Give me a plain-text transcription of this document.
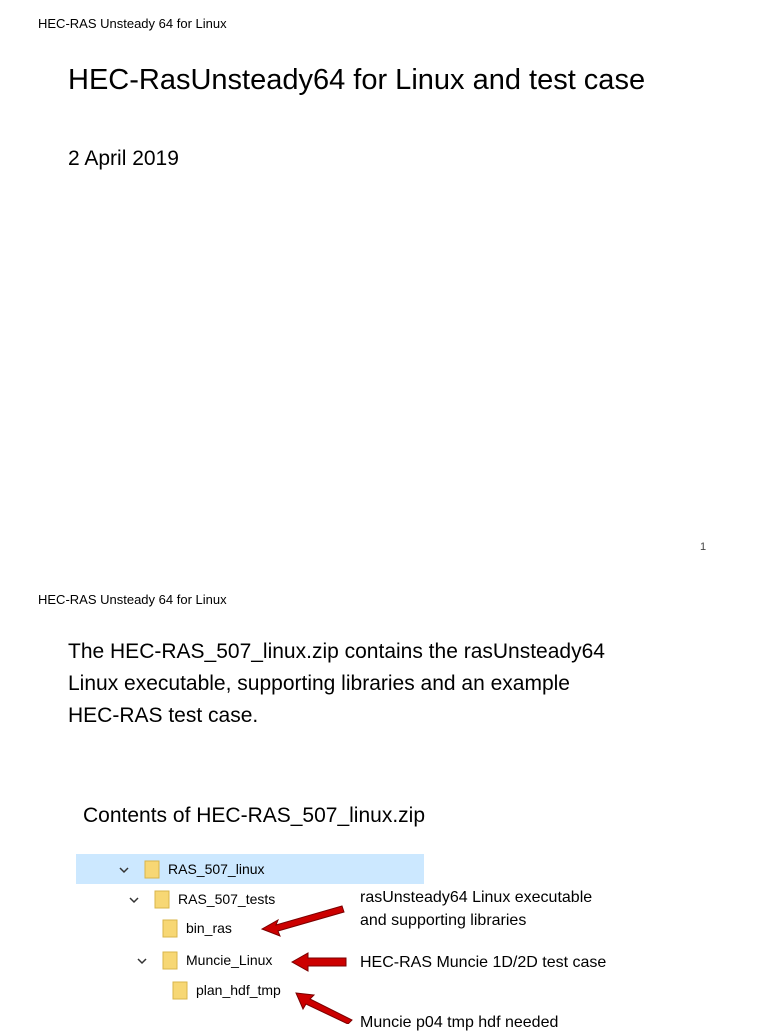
HEC-RAS Unsteady 64 for Linux
HEC-RasUnsteady64 for Linux and test case
2 April 2019
1
HEC-RAS Unsteady 64 for Linux
The HEC-RAS_507_linux.zip contains the rasUnsteady64
Linux executable, supporting libraries and an example
HEC-RAS test case.
Contents of HEC-RAS_507_linux.zip
RAS_507_linux
RAS_507_tests
bin_ras
Muncie_Linux
plan_hdf_tmp
rasUnsteady64 Linux executable
and supporting libraries
HEC-RAS Muncie 1D/2D test case
Muncie p04 tmp hdf needed
